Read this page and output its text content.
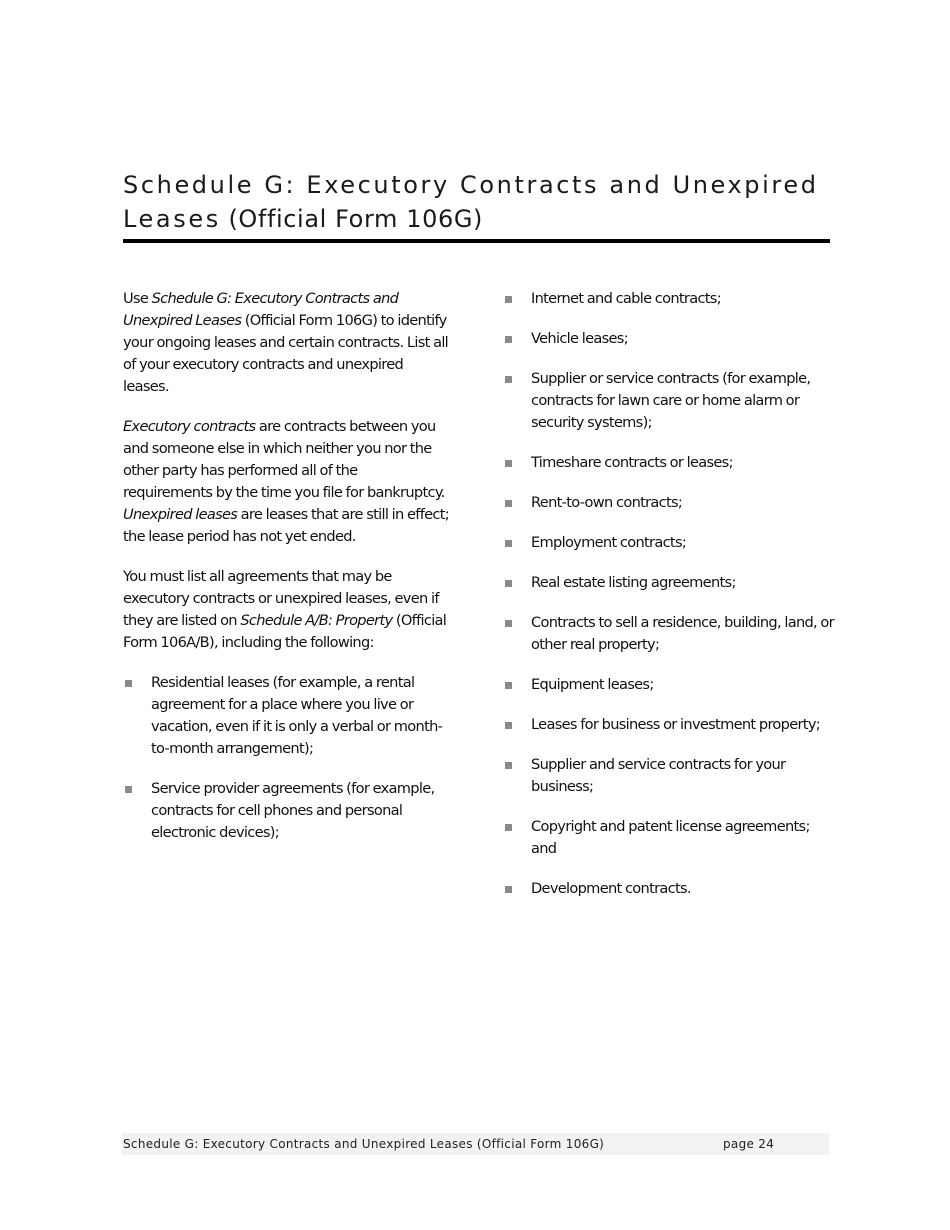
Schedule G: Executory Contracts and Unexpired
Leases (Official Form 106G)

Use Schedule G: Executory Contracts and Unexpired Leases (Official Form 106G) to identify your ongoing leases and certain contracts. List all of your executory contracts and unexpired leases.

Executory contracts are contracts between you and someone else in which neither you nor the other party has performed all of the requirements by the time you file for bankruptcy. Unexpired leases are leases that are still in effect; the lease period has not yet ended.

You must list all agreements that may be executory contracts or unexpired leases, even if they are listed on Schedule A/B: Property (Official Form 106A/B), including the following:

Residential leases (for example, a rental agreement for a place where you live or vacation, even if it is only a verbal or month-to-month arrangement);
Service provider agreements (for example, contracts for cell phones and personal electronic devices);
Internet and cable contracts;
Vehicle leases;
Supplier or service contracts (for example, contracts for lawn care or home alarm or security systems);
Timeshare contracts or leases;
Rent-to-own contracts;
Employment contracts;
Real estate listing agreements;
Contracts to sell a residence, building, land, or other real property;
Equipment leases;
Leases for business or investment property;
Supplier and service contracts for your business;
Copyright and patent license agreements; and
Development contracts.
Schedule G: Executory Contracts and Unexpired Leases (Official Form 106G)	page 24
